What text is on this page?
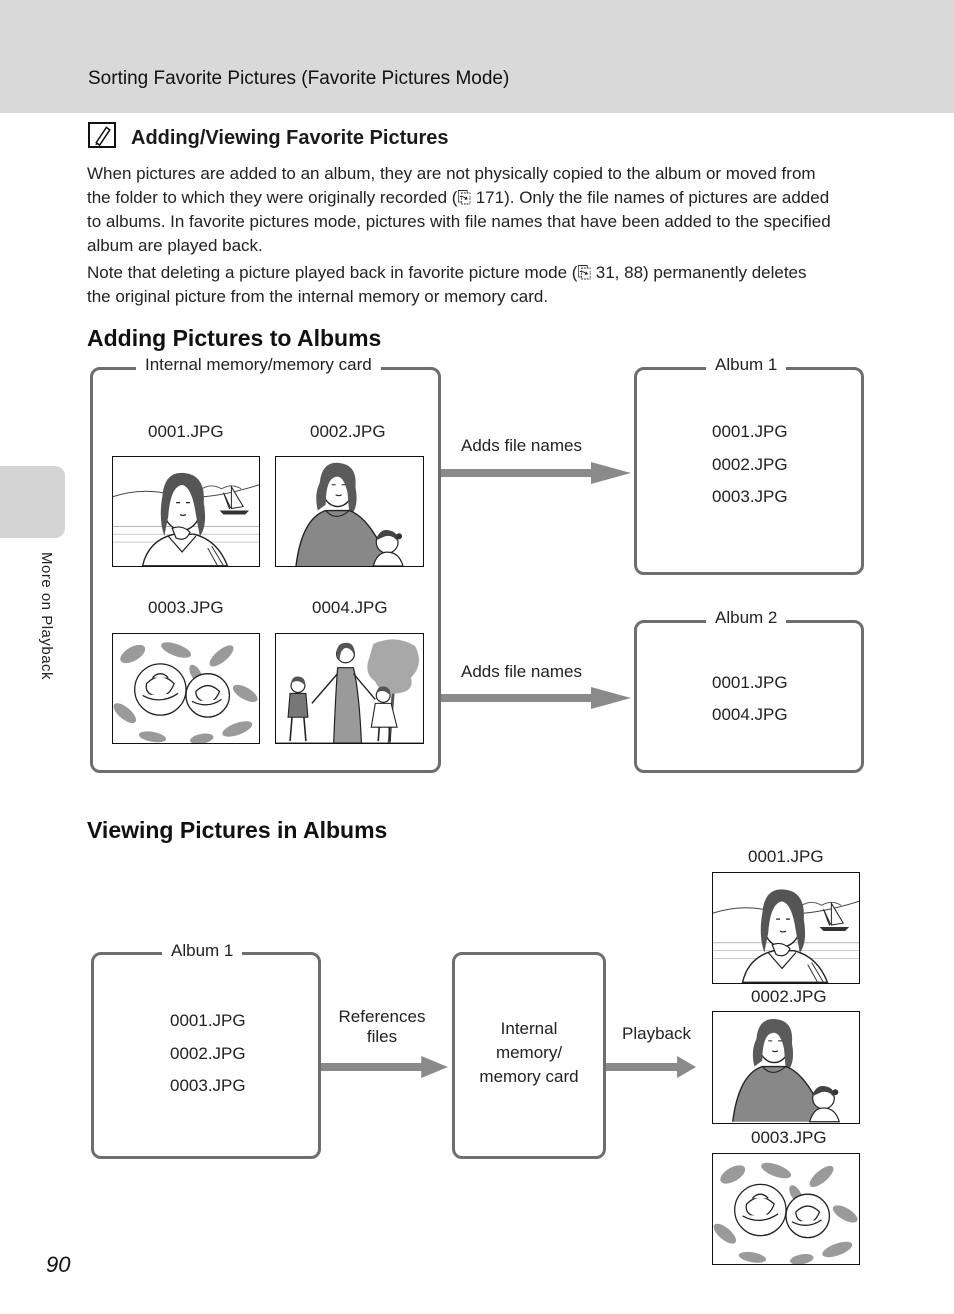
Sorting Favorite Pictures (Favorite Pictures Mode)
More on Playback
Adding/Viewing Favorite Pictures
When pictures are added to an album, they are not physically copied to the album or moved from
the folder to which they were originally recorded (⎘ 171). Only the file names of pictures are added
to albums. In favorite pictures mode, pictures with file names that have been added to the specified
album are played back.
Note that deleting a picture played back in favorite picture mode (⎘ 31, 88) permanently deletes
the original picture from the internal memory or memory card.
Adding Pictures to Albums
Internal memory/memory card
0001.JPG	0002.JPG
0003.JPG	0004.JPG
Adds file names
Adds file names
Album 1
0001.JPG
0002.JPG
0003.JPG
Album 2
0001.JPG
0004.JPG
Viewing Pictures in Albums
Album 1
0001.JPG
0002.JPG
0003.JPG
References
files	Internal
memory/
memory card
Playback
0001.JPG
0002.JPG
0003.JPG
90
